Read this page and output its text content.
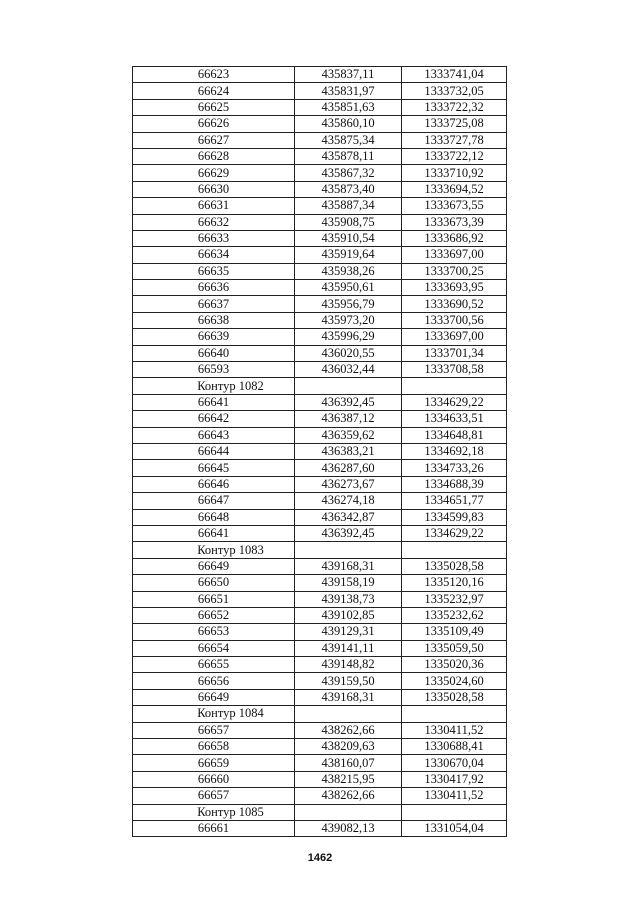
66623	435837,11	1333741,04
66624	435831,97	1333732,05
66625	435851,63	1333722,32
66626	435860,10	1333725,08
66627	435875,34	1333727,78
66628	435878,11	1333722,12
66629	435867,32	1333710,92
66630	435873,40	1333694,52
66631	435887,34	1333673,55
66632	435908,75	1333673,39
66633	435910,54	1333686,92
66634	435919,64	1333697,00
66635	435938,26	1333700,25
66636	435950,61	1333693,95
66637	435956,79	1333690,52
66638	435973,20	1333700,56
66639	435996,29	1333697,00
66640	436020,55	1333701,34
66593	436032,44	1333708,58
Контур 1082		
66641	436392,45	1334629,22
66642	436387,12	1334633,51
66643	436359,62	1334648,81
66644	436383,21	1334692,18
66645	436287,60	1334733,26
66646	436273,67	1334688,39
66647	436274,18	1334651,77
66648	436342,87	1334599,83
66641	436392,45	1334629,22
Контур 1083		
66649	439168,31	1335028,58
66650	439158,19	1335120,16
66651	439138,73	1335232,97
66652	439102,85	1335232,62
66653	439129,31	1335109,49
66654	439141,11	1335059,50
66655	439148,82	1335020,36
66656	439159,50	1335024,60
66649	439168,31	1335028,58
Контур 1084		
66657	438262,66	1330411,52
66658	438209,63	1330688,41
66659	438160,07	1330670,04
66660	438215,95	1330417,92
66657	438262,66	1330411,52
Контур 1085		
66661	439082,13	1331054,04
1462
